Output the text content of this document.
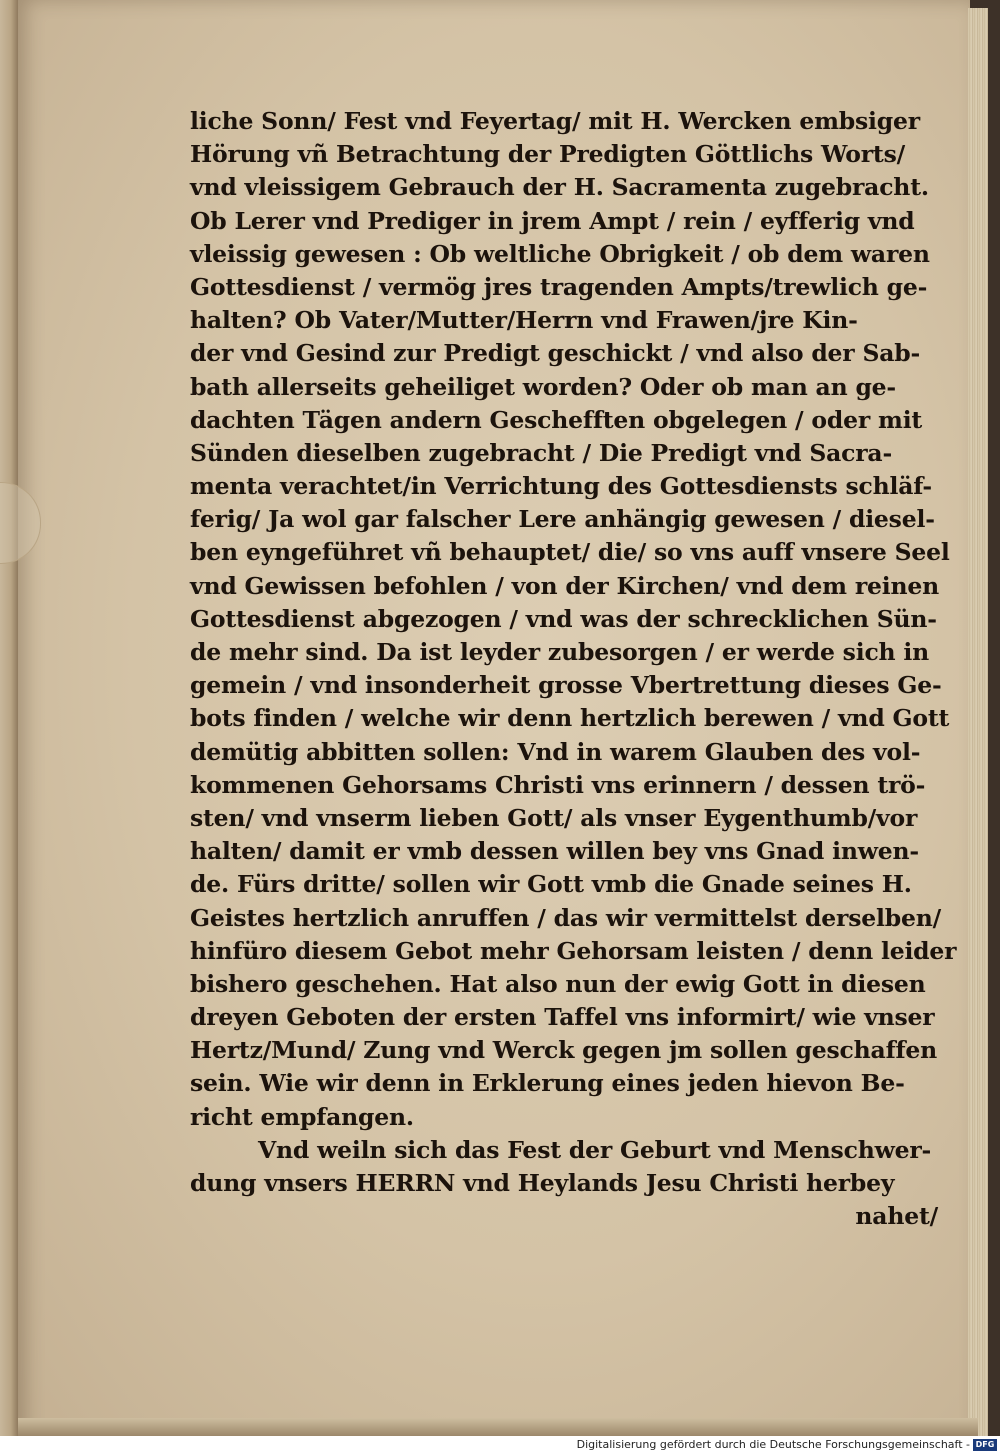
liche Sonn/ Fest vnd Feyertag/ mit H. Wercken embsiger
Hörung vñ Betrachtung der Predigten Göttlichs Worts/
vnd vleissigem Gebrauch der H. Sacramenta zugebracht.
Ob Lerer vnd Prediger in jrem Ampt / rein / eyfferig vnd
vleissig gewesen : Ob weltliche Obrigkeit / ob dem waren
Gottesdienst / vermög jres tragenden Ampts/trewlich ge-
halten? Ob Vater/Mutter/Herrn vnd Frawen/jre Kin-
der vnd Gesind zur Predigt geschickt / vnd also der Sab-
bath allerseits geheiliget worden? Oder ob man an ge-
dachten Tägen andern Geschefften obgelegen / oder mit
Sünden dieselben zugebracht / Die Predigt vnd Sacra-
menta verachtet/in Verrichtung des Gottesdiensts schläf-
ferig/ Ja wol gar falscher Lere anhängig gewesen / diesel-
ben eyngeführet vñ behauptet/ die/ so vns auff vnsere Seel
vnd Gewissen befohlen / von der Kirchen/ vnd dem reinen
Gottesdienst abgezogen / vnd was der schrecklichen Sün-
de mehr sind. Da ist leyder zubesorgen / er werde sich in
gemein / vnd insonderheit grosse Vbertrettung dieses Ge-
bots finden / welche wir denn hertzlich berewen / vnd Gott
demütig abbitten sollen: Vnd in warem Glauben des vol-
kommenen Gehorsams Christi vns erinnern / dessen trö-
sten/ vnd vnserm lieben Gott/ als vnser Eygenthumb/vor
halten/ damit er vmb dessen willen bey vns Gnad inwen-
de. Fürs dritte/ sollen wir Gott vmb die Gnade seines H.
Geistes hertzlich anruffen / das wir vermittelst derselben/
hinfüro diesem Gebot mehr Gehorsam leisten / denn leider
bishero geschehen. Hat also nun der ewig Gott in diesen
dreyen Geboten der ersten Taffel vns informirt/ wie vnser
Hertz/Mund/ Zung vnd Werck gegen jm sollen geschaffen
sein. Wie wir denn in Erklerung eines jeden hievon Be-
richt empfangen.
Vnd weiln sich das Fest der Geburt vnd Menschwer-
dung vnsers HERRN vnd Heylands Jesu Christi herbey
nahet/
Digitalisierung gefördert durch die Deutsche Forschungsgemeinschaft - DFG
